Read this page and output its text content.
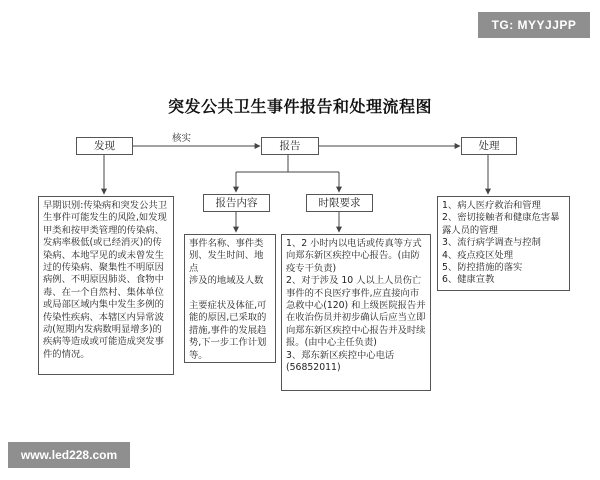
TG: MYYJJPP
突发公共卫生事件报告和处理流程图
核实
发现	报告	处理
报告内容	时限要求
早期识别:传染病和突发公共卫生事件可能发生的风险,如发现甲类和按甲类管理的传染病、发病率极低(或已经消灭)的传染病、本地罕见的或未曾发生过的传染病、聚集性不明原因病例、不明原因肺炎、食物中毒、在一个自然村、集体单位或局部区域内集中发生多例的传染性疾病、本辖区内异常波动(短期内发病数明显增多)的疾病等造成或可能造成突发事件的情况。
事件名称、事件类别、发生时间、地点
涉及的地域及人数

主要症状及体征,可能的原因,已采取的措施,事件的发展趋势,下一步工作计划等。
1、2 小时内以电话或传真等方式向郑东新区疾控中心报告。(由防疫专干负责)
2、对于涉及 10 人以上人员伤亡事件的不良医疗事件,应直接向市急救中心(120) 和上级医院报告并在收治伤员并初步确认后应当立即向郑东新区疾控中心报告并及时续报。(由中心主任负责)
3、郑东新区疾控中心电话(56852011)
1、病人医疗救治和管理
2、密切接触者和健康危害暴露人员的管理
3、流行病学调查与控制
4、疫点疫区处理
5、防控措施的落实
6、健康宣教
www.led228.com
